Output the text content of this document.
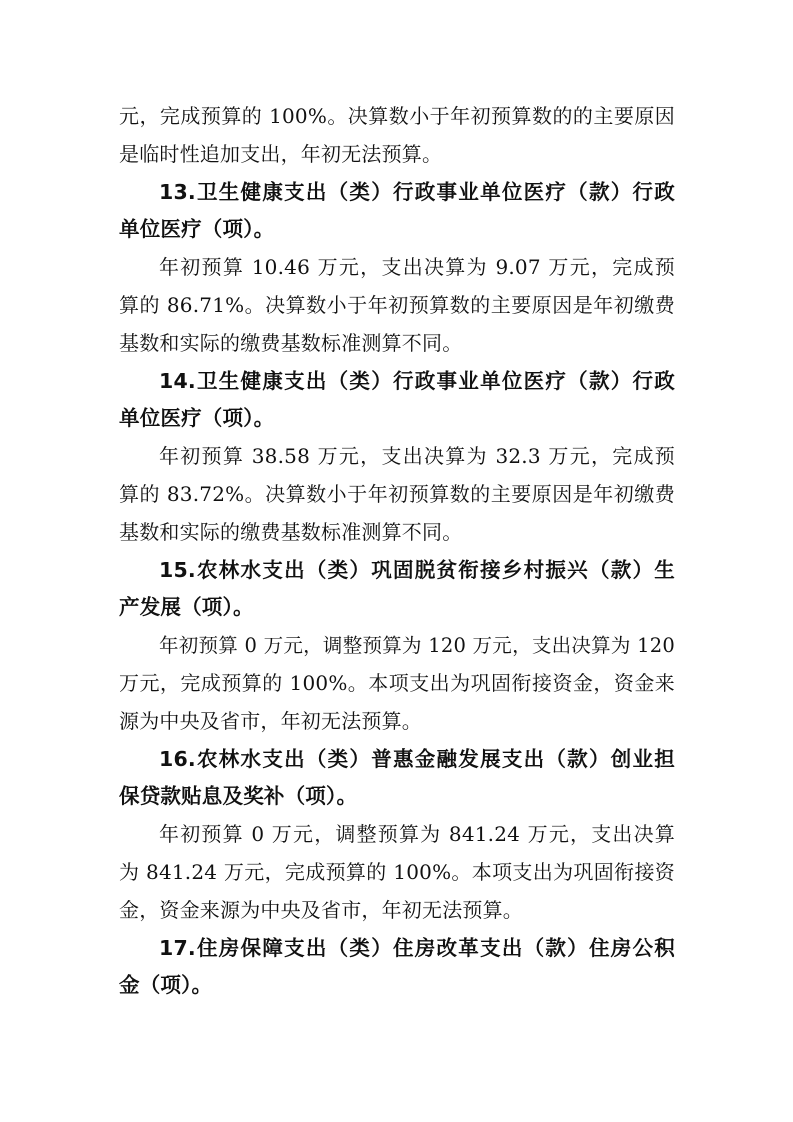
元，完成预算的 100%。决算数小于年初预算数的的主要原因
是临时性追加支出，年初无法预算。
13.卫生健康支出（类）行政事业单位医疗（款）行政
单位医疗（项）。
年初预算 10.46 万元，支出决算为 9.07 万元，完成预
算的 86.71%。决算数小于年初预算数的主要原因是年初缴费
基数和实际的缴费基数标准测算不同。
14.卫生健康支出（类）行政事业单位医疗（款）行政
单位医疗（项）。
年初预算 38.58 万元，支出决算为 32.3 万元，完成预
算的 83.72%。决算数小于年初预算数的主要原因是年初缴费
基数和实际的缴费基数标准测算不同。
15.农林水支出（类）巩固脱贫衔接乡村振兴（款）生
产发展（项）。
年初预算 0 万元，调整预算为 120 万元，支出决算为 120
万元，完成预算的 100%。本项支出为巩固衔接资金，资金来
源为中央及省市，年初无法预算。
16.农林水支出（类）普惠金融发展支出（款）创业担
保贷款贴息及奖补（项）。
年初预算 0 万元，调整预算为 841.24 万元，支出决算
为 841.24 万元，完成预算的 100%。本项支出为巩固衔接资
金，资金来源为中央及省市，年初无法预算。
17.住房保障支出（类）住房改革支出（款）住房公积
金（项）。
